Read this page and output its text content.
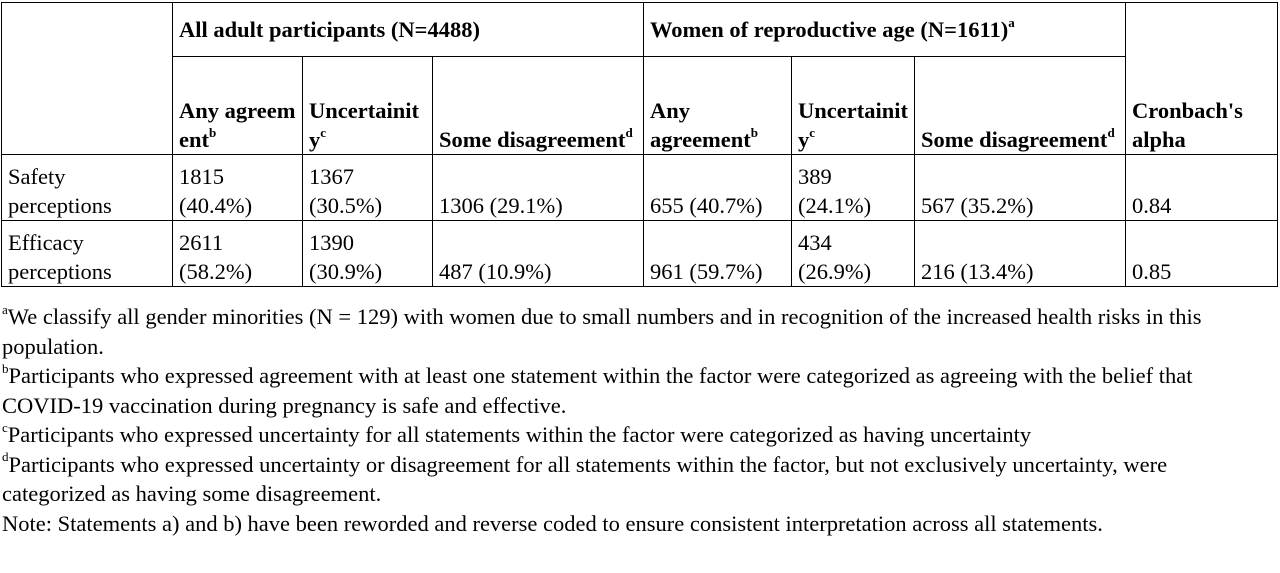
	All adult participants (N=4488)			Women of reproductive age (N=1611)$^a$			Cronbach's alpha
	Any agreement$^b$	Uncertainity$^c$	Some disagreement$^d$	Any agreement$^b$	Uncertainity$^c$	Some disagreement$^d$
Safety perceptions	1815 (40.4%)	1367 (30.5%)	1306 (29.1%)	655 (40.7%)	389 (24.1%)	567 (35.2%)	0.84
Efficacy perceptions	2611 (58.2%)	1390 (30.9%)	487 (10.9%)	961 (59.7%)	434 (26.9%)	216 (13.4%)	0.85

$^a$We classify all gender minorities (N = 129) with women due to small numbers and in recognition of the increased health risks in this population.

$^b$Participants who expressed agreement with at least one statement within the factor were categorized as agreeing with the belief that COVID-19 vaccination during pregnancy is safe and effective.

$^c$Participants who expressed uncertainty for all statements within the factor were categorized as having uncertainty

$^d$Participants who expressed uncertainty or disagreement for all statements within the factor, but not exclusively uncertainty, were categorized as having some disagreement.

Note: Statements a) and b) have been reworded and reverse coded to ensure consistent interpretation across all statements.
